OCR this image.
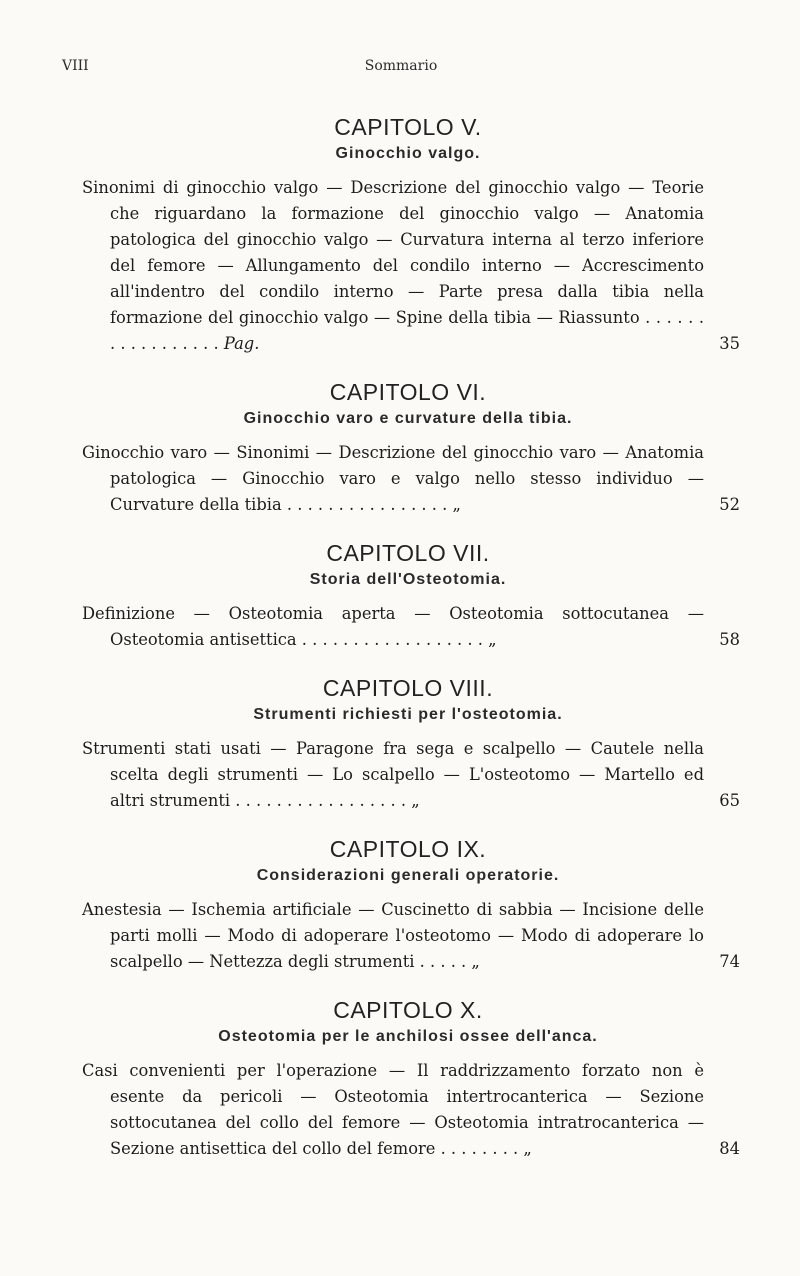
VIII	Sommario
CAPITOLO V.
Ginocchio valgo.

Sinonimi di ginocchio valgo — Descrizione del ginocchio valgo — Teorie che riguardano la formazione del ginocchio valgo — Anatomia patologica del ginocchio valgo — Curvatura interna al terzo inferiore del femore — Allungamento del condilo interno — Accrescimento all'indentro del condilo interno — Parte presa dalla tibia nella formazione del ginocchio valgo — Spine della tibia — Riassunto . . . . . . . . . . . . . . . . . Pag.	35

CAPITOLO VI.
Ginocchio varo e curvature della tibia.

Ginocchio varo — Sinonimi — Descrizione del ginocchio varo — Anatomia patologica — Ginocchio varo e valgo nello stesso individuo — Curvature della tibia . . . . . . . . . . . . . . . . „	52

CAPITOLO VII.
Storia dell'Osteotomia.

Definizione — Osteotomia aperta — Osteotomia sottocutanea — Osteotomia antisettica . . . . . . . . . . . . . . . . . . „	58

CAPITOLO VIII.
Strumenti richiesti per l'osteotomia.

Strumenti stati usati — Paragone fra sega e scalpello — Cautele nella scelta degli strumenti — Lo scalpello — L'osteotomo — Martello ed altri strumenti . . . . . . . . . . . . . . . . . „	65

CAPITOLO IX.
Considerazioni generali operatorie.

Anestesia — Ischemia artificiale — Cuscinetto di sabbia — Incisione delle parti molli — Modo di adoperare l'osteotomo — Modo di adoperare lo scalpello — Nettezza degli strumenti . . . . . „	74

CAPITOLO X.
Osteotomia per le anchilosi ossee dell'anca.

Casi convenienti per l'operazione — Il raddrizzamento forzato non è esente da pericoli — Osteotomia intertrocanterica — Sezione sottocutanea del collo del femore — Osteotomia intratrocanterica — Sezione antisettica del collo del femore . . . . . . . . „	84
